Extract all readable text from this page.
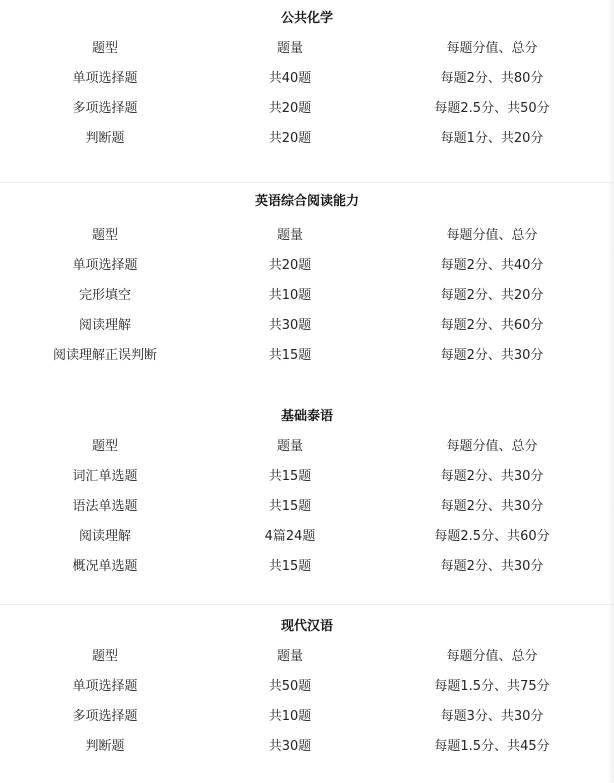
公共化学
题型	题量	每题分值、总分
单项选择题	共40题	每题2分、共80分
多项选择题	共20题	每题2.5分、共50分
判断题	共20题	每题1分、共20分
英语综合阅读能力
题型	题量	每题分值、总分
单项选择题	共20题	每题2分、共40分
完形填空	共10题	每题2分、共20分
阅读理解	共30题	每题2分、共60分
阅读理解正误判断	共15题	每题2分、共30分
基础泰语
题型	题量	每题分值、总分
词汇单选题	共15题	每题2分、共30分
语法单选题	共15题	每题2分、共30分
阅读理解	4篇24题	每题2.5分、共60分
概况单选题	共15题	每题2分、共30分
现代汉语
题型	题量	每题分值、总分
单项选择题	共50题	每题1.5分、共75分
多项选择题	共10题	每题3分、共30分
判断题	共30题	每题1.5分、共45分
